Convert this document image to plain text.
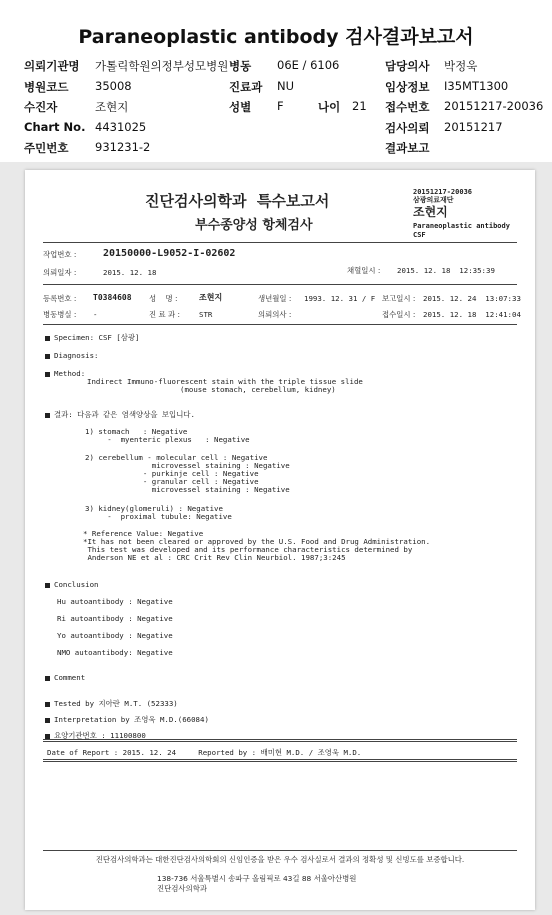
Paraneoplastic antibody 검사결과보고서
의뢰기관명 가톨릭학원의정부성모병원 병동 06E / 6106	담당의사 박정욱
병원코드 35008	진료과 NU	임상정보 I35MT1300
수진자	조현지	성별 F	나이 21 접수번호 20151217-20036
Chart No. 4431025	검사의뢰 20151217
주민번호 931231-2	결과보고
진단검사의학과  특수보고서
부수종양성 항체검사
20151217-20036
삼광의료재단
조현지
Paraneoplastic antibody
CSF
작업번호 :	20150000-L9052-I-02602
의뢰일자 :	2015. 12. 18	채혈일시 : 2015. 12. 18  12:35:39
등록번호 : T0384608 성    명 :	조현지	생년월일 : 1993. 12. 31 / F 보고일시 : 2015. 12. 24  13:07:33
병동병실 : -	진 료 과 :	STR	의뢰의사 :	접수일시 : 2015. 12. 18  12:41:04
Specimen: CSF [삼광]
Diagnosis:
Method:
Indirect Immuno-fluorescent stain with the triple tissue slide
(mouse stomach, cerebellum, kidney)
결과: 다음과 같은 염색양상을 보입니다.
1) stomach   : Negative
-  myenteric plexus   : Negative
2) cerebellum - molecular cell : Negative
microvessel staining : Negative
- purkinje cell : Negative
- granular cell : Negative
microvessel staining : Negative
3) kidney(glomeruli) : Negative
-  proximal tubule: Negative
* Reference Value: Negative
*It has not been cleared or approved by the U.S. Food and Drug Administration.
This test was developed and its performance characteristics determined by
Anderson NE et al : CRC Crit Rev Clin Neurbiol. 1987;3:245
Conclusion
Hu autoantibody : Negative
Ri autoantibody : Negative
Yo autoantibody : Negative
NMO autoantibody: Negative
Comment
Tested by 지아란 M.T. (52333)
Interpretation by 조영욱 M.D.(66084)
요양기관번호 : 11100800
Date of Report : 2015. 12. 24     Reported by : 배미현 M.D. / 조영욱 M.D.
진단검사의학과는 대한진단검사의학회의 신임인증을 받은 우수 검사실로서 결과의 정확성 및 신빙도를 보증합니다.
138-736 서울특별시 송파구 올림픽로 43길 88 서울아산병원
진단검사의학과
